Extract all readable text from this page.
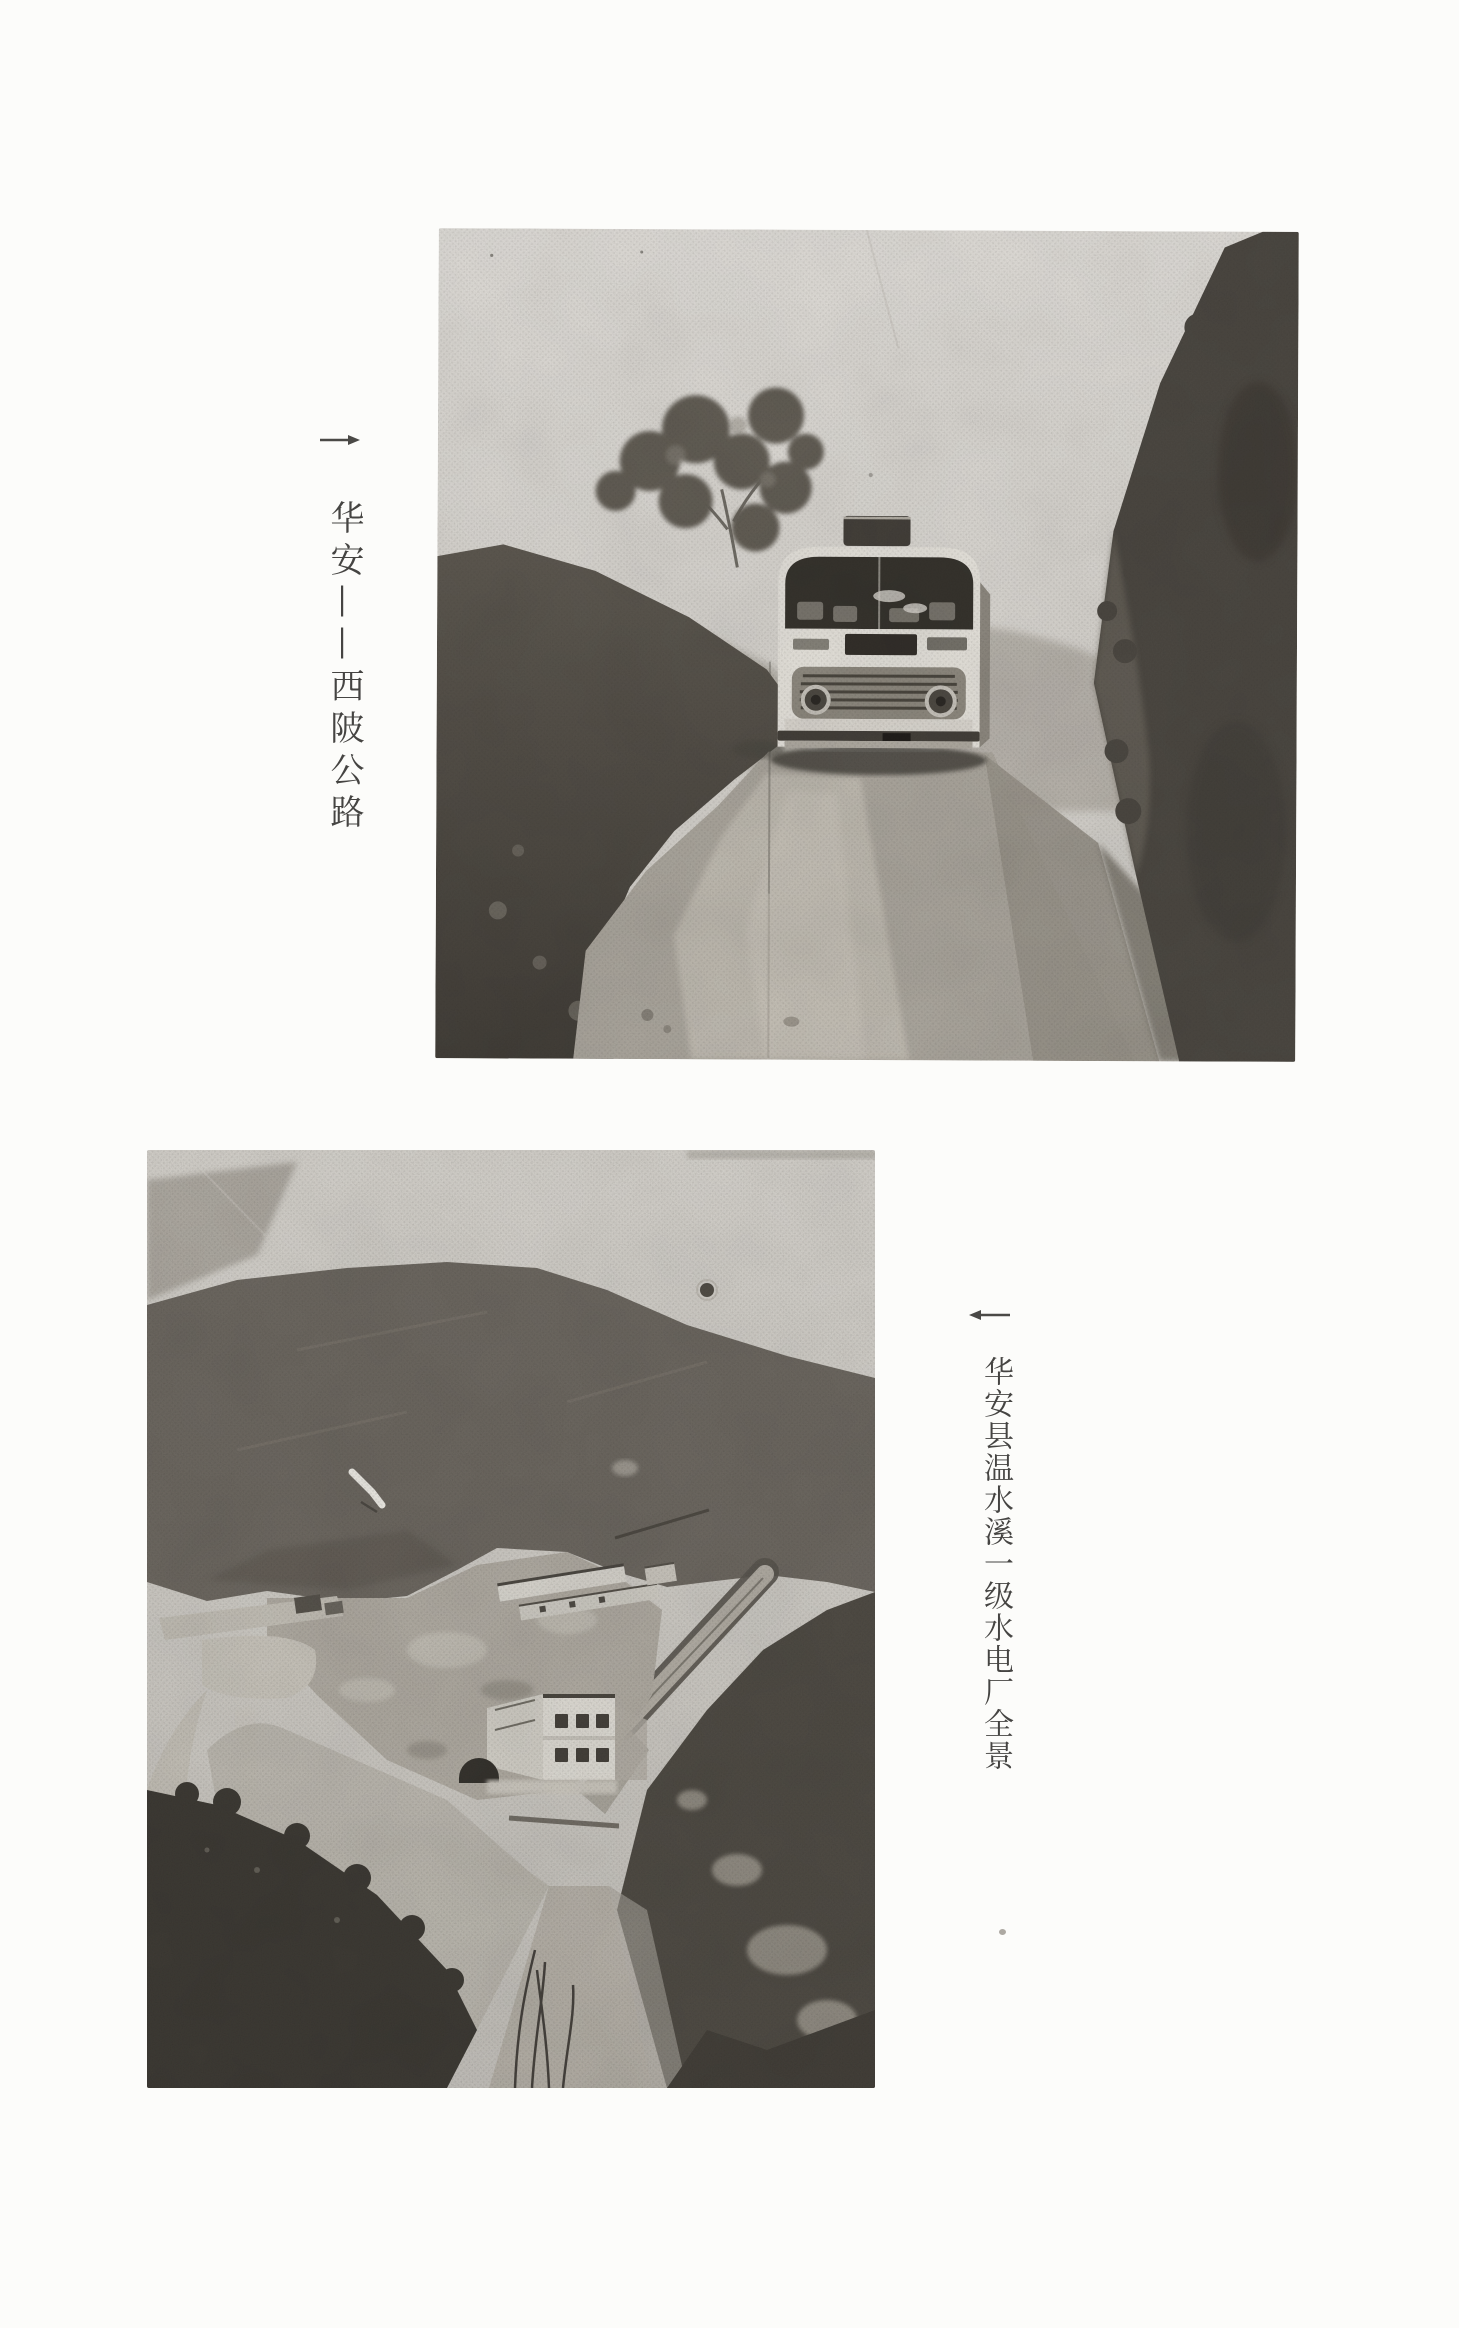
华安——西陂公路
华安县温水溪一级水电厂全景
